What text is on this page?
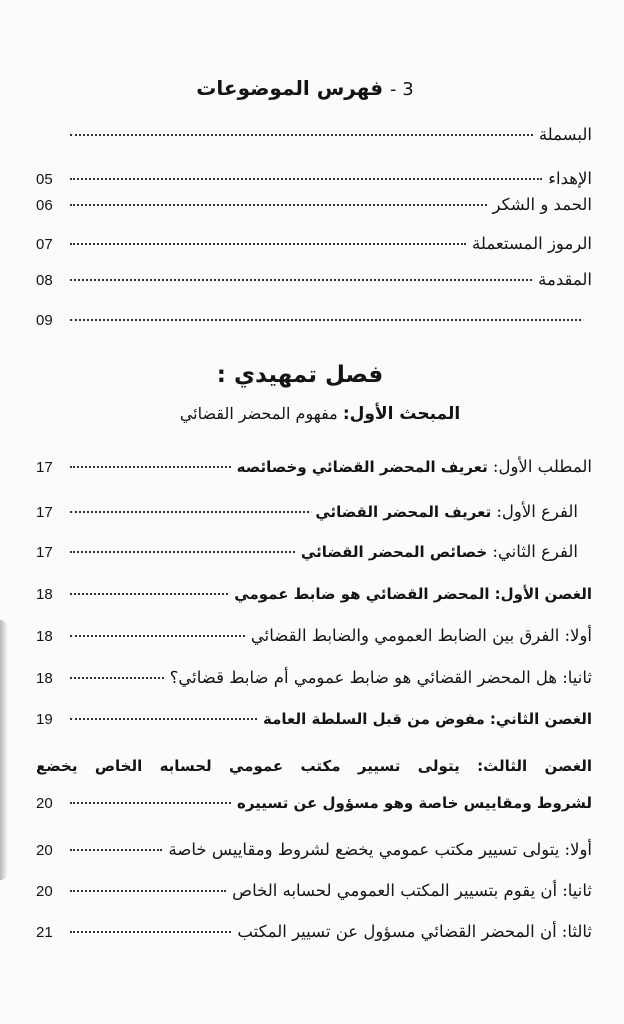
3 - فهرس الموضوعات
البسملة
الإهداء
05
الحمد و الشكر
06
الرموز المستعملة
07
المقدمة
08
09
فصل تمهيدي :
المبحث الأول: مفهوم المحضر القضائي
المطلب الأول:

تعريف المحضر القضائي وخصائصه
17
الفرع الأول:

تعريف المحضر القضائي
17
الفرع الثاني:

خصائص المحضر القضائي
17
الغصن الأول:

المحضر القضائي هو ضابط عمومي
18
أولا:

الفرق بين الضابط العمومي والضابط القضائي
18
ثانيا:

هل المحضر القضائي هو ضابط عمومي أم ضابط قضائي؟
18
الغصن الثاني:

مفوض من قبل السلطة العامة
19
الغصن الثالث: يتولى تسيير مكتب عمومي لحسابه الخاص يخضع
لشروط ومقاييس خاصة وهو مسؤول عن تسييره
20
أولا:

يتولى تسيير مكتب عمومي يخضع لشروط ومقاييس خاصة
20
ثانيا:

أن يقوم بتسيير المكتب العمومي لحسابه الخاص
20
ثالثا:

أن المحضر القضائي مسؤول عن تسيير المكتب
21
